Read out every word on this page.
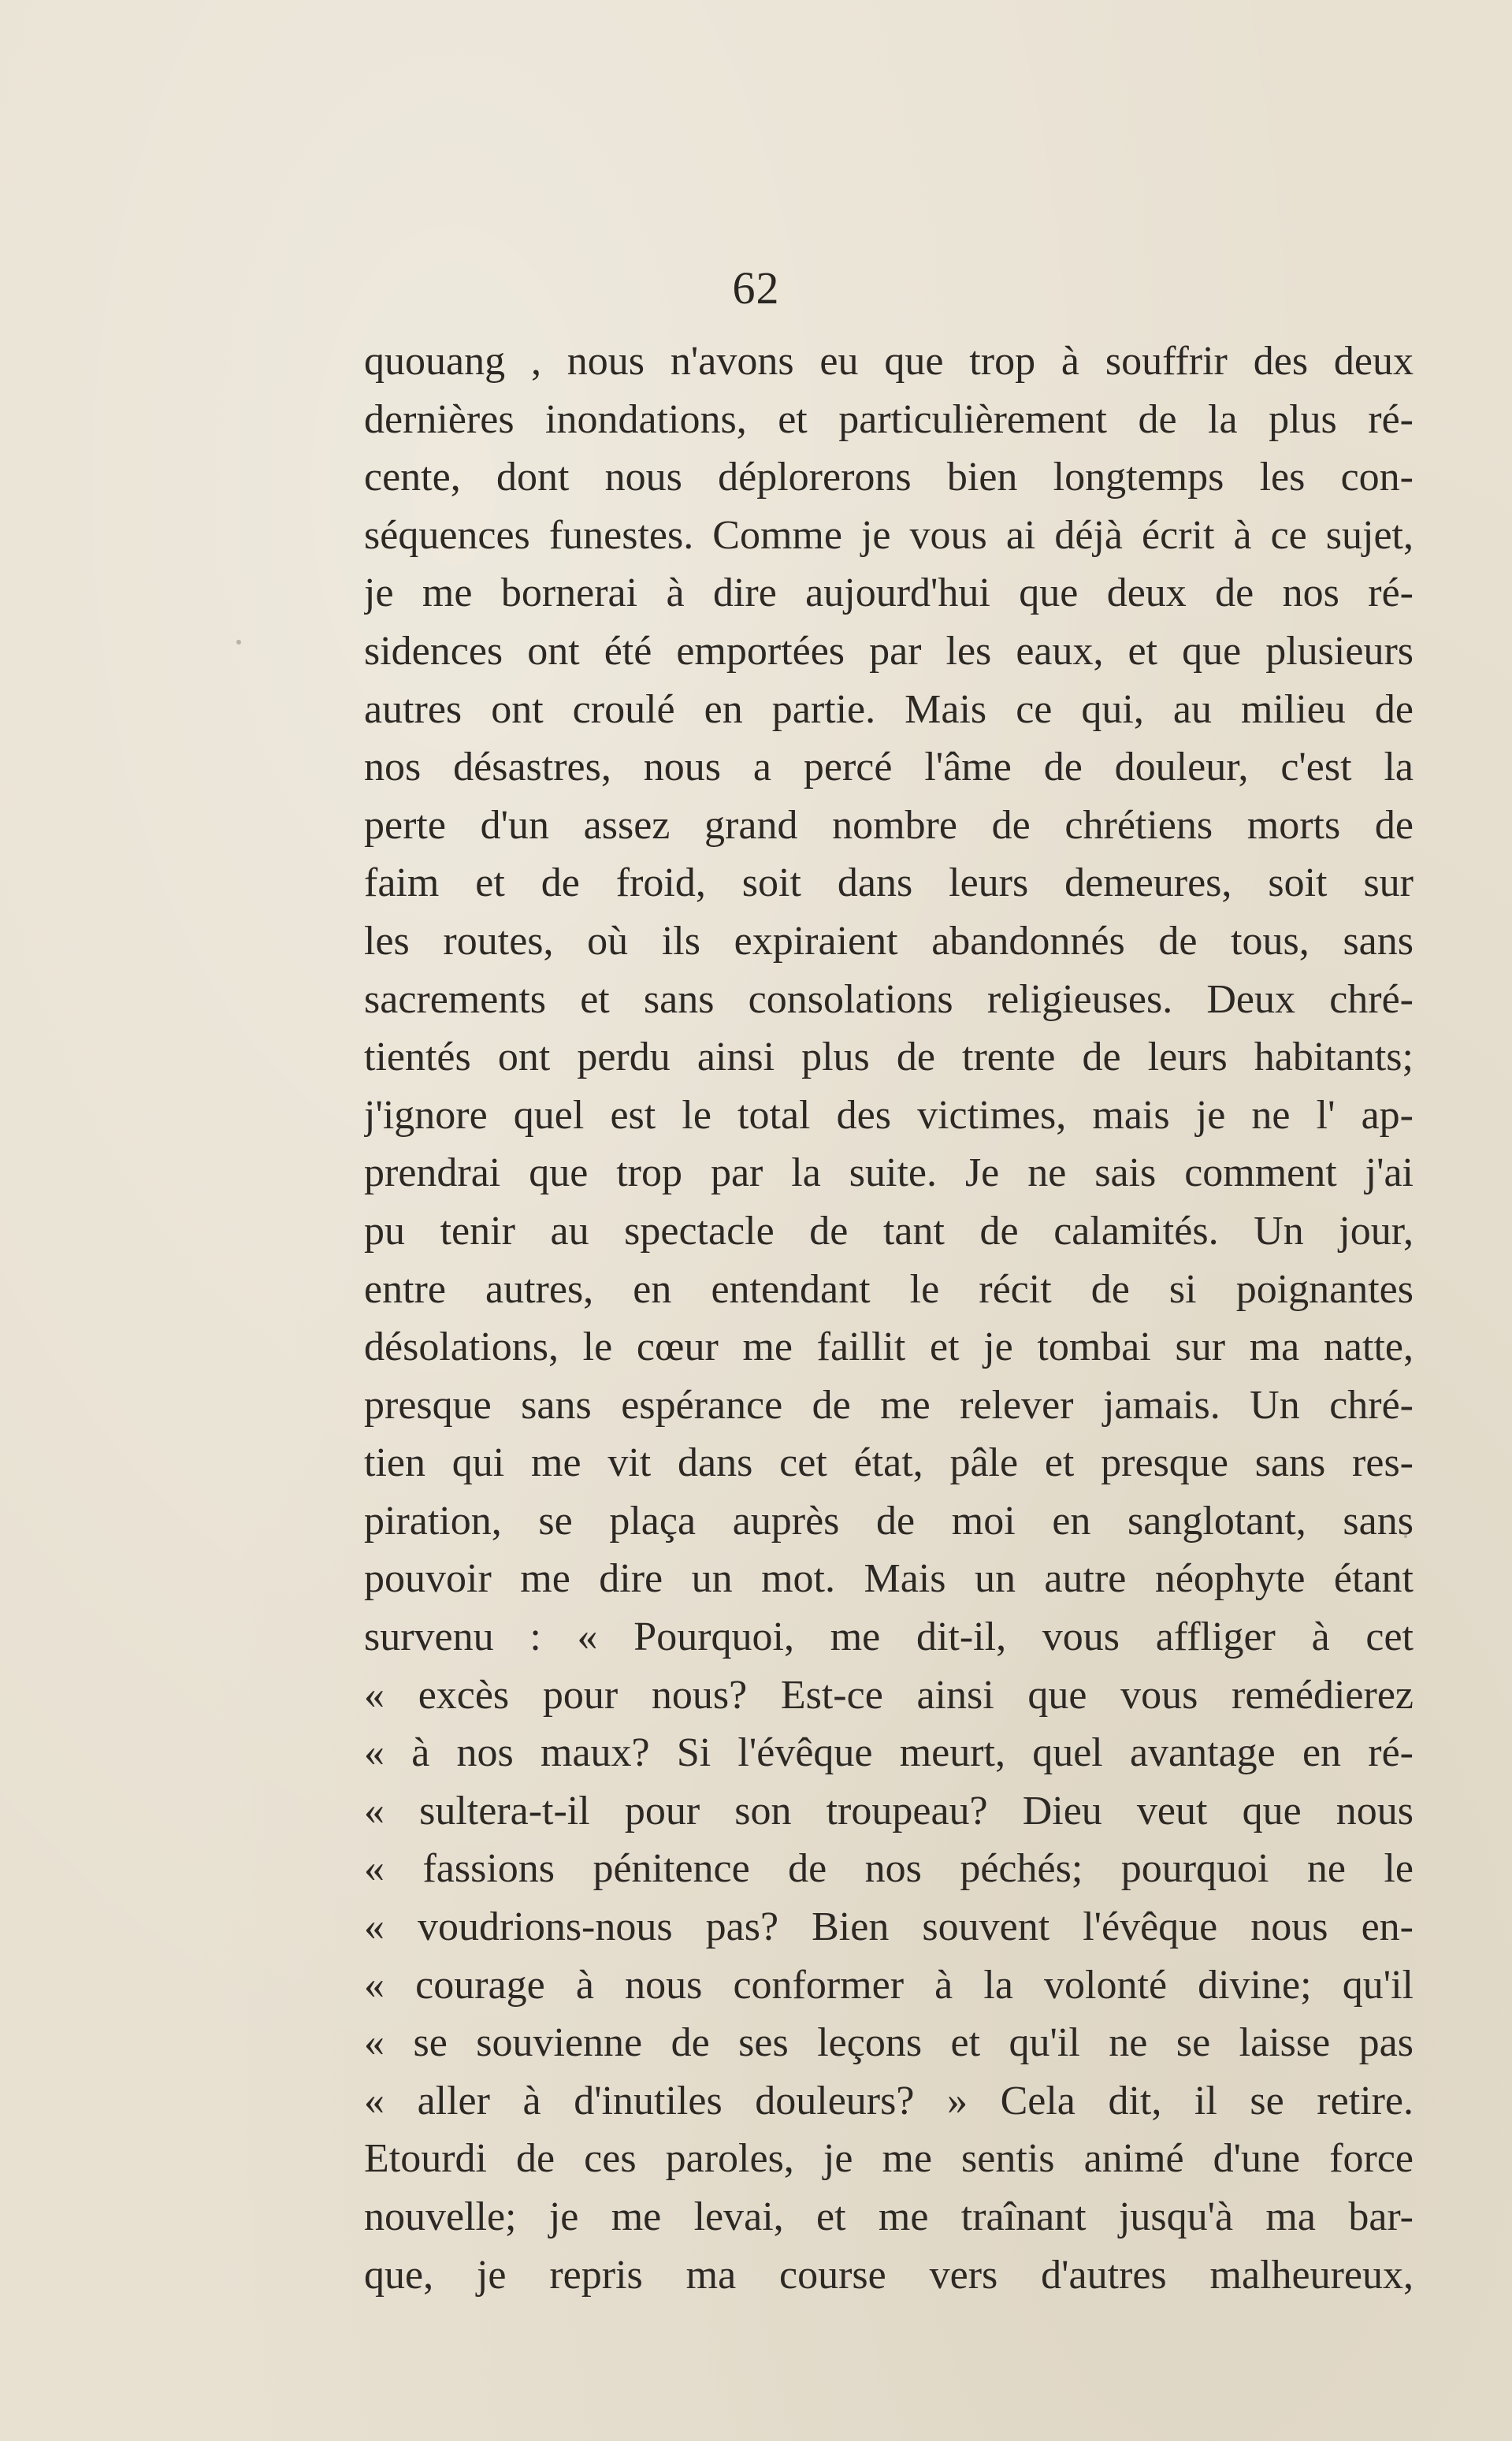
62
quouang , nous n'avons eu que trop à souffrir des deux
dernières inondations, et particulièrement de la plus ré-
cente, dont nous déplorerons bien longtemps les con-
séquences funestes. Comme je vous ai déjà écrit à ce sujet,
je me bornerai à dire aujourd'hui que deux de nos ré-
sidences ont été emportées par les eaux, et que plusieurs
autres ont croulé en partie. Mais ce qui, au milieu de
nos désastres, nous a percé l'âme de douleur, c'est la
perte d'un assez grand nombre de chrétiens morts de
faim et de froid, soit dans leurs demeures, soit sur
les routes, où ils expiraient abandonnés de tous, sans
sacrements et sans consolations religieuses. Deux chré-
tientés ont perdu ainsi plus de trente de leurs habitants;
j'ignore quel est le total des victimes, mais je ne l' ap-
prendrai que trop par la suite. Je ne sais comment j'ai
pu tenir au spectacle de tant de calamités. Un jour,
entre autres, en entendant le récit de si poignantes
désolations, le cœur me faillit et je tombai sur ma natte,
presque sans espérance de me relever jamais. Un chré-
tien qui me vit dans cet état, pâle et presque sans res-
piration, se plaça auprès de moi en sanglotant, sans
pouvoir me dire un mot. Mais un autre néophyte étant
survenu : « Pourquoi, me dit-il, vous affliger à cet
« excès pour nous? Est-ce ainsi que vous remédierez
« à nos maux? Si l'évêque meurt, quel avantage en ré-
« sultera-t-il pour son troupeau? Dieu veut que nous
« fassions pénitence de nos péchés; pourquoi ne le
« voudrions-nous pas? Bien souvent l'évêque nous en-
« courage à nous conformer à la volonté divine; qu'il
« se souvienne de ses leçons et qu'il ne se laisse pas
« aller à d'inutiles douleurs? » Cela dit, il se retire.
Etourdi de ces paroles, je me sentis animé d'une force
nouvelle; je me levai, et me traînant jusqu'à ma bar-
que, je repris ma course vers d'autres malheureux,
